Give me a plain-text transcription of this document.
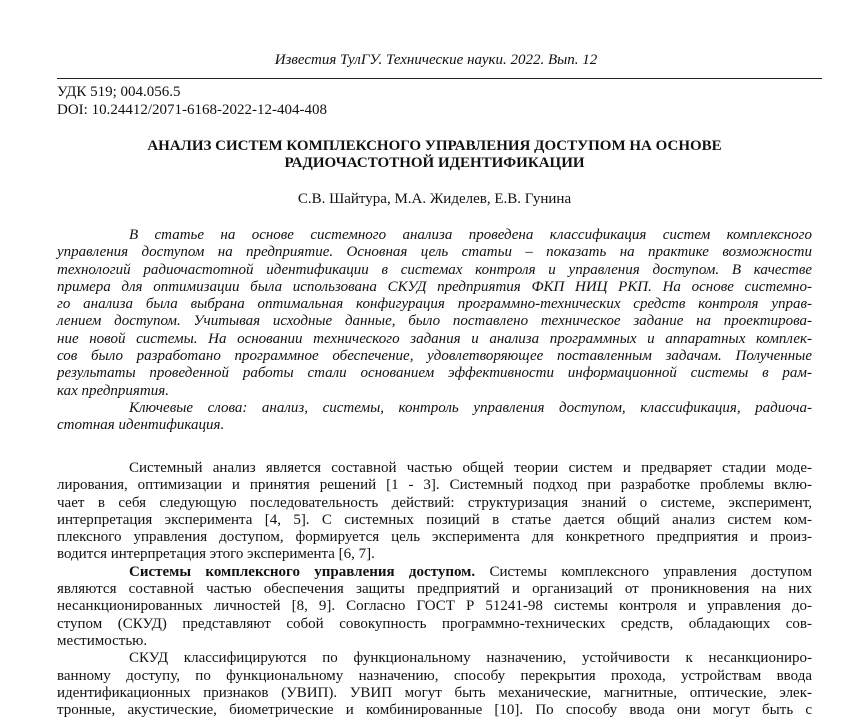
Известия ТулГУ. Технические науки. 2022. Вып. 12
УДК 519; 004.056.5
DOI: 10.24412/2071-6168-2022-12-404-408
АНАЛИЗ СИСТЕМ КОМПЛЕКСНОГО УПРАВЛЕНИЯ ДОСТУПОМ НА ОСНОВЕ
РАДИОЧАСТОТНОЙ ИДЕНТИФИКАЦИИ
С.В. Шайтура, М.А. Жиделев, Е.В. Гунина
В статье на основе системного анализа проведена классификация систем комплексного
управления доступом на предприятие. Основная цель статьи – показать на практике возможности
технологий радиочастотной идентификации в системах контроля и управления доступом. В качестве
примера для оптимизации была использована СКУД предприятия ФКП НИЦ РКП. На основе системно-
го анализа была выбрана оптимальная конфигурация программно-технических средств контроля управ-
лением доступом. Учитывая исходные данные, было поставлено техническое задание на проектирова-
ние новой системы. На основании технического задания и анализа программных и аппаратных комплек-
сов было разработано программное обеспечение, удовлетворяющее поставленным задачам. Полученные
результаты проведенной работы стали основанием эффективности информационной системы в рам-
ках предприятия.
Ключевые слова: анализ, системы, контроль управления доступом, классификация, радиоча-
стотная идентификация.
Системный анализ является составной частью общей теории систем и предваряет стадии моде-
лирования, оптимизации и принятия решений [1 - 3]. Системный подход при разработке проблемы вклю-
чает в себя следующую последовательность действий: структуризация знаний о системе, эксперимент,
интерпретация эксперимента [4, 5]. С системных позиций в статье дается общий анализ систем ком-
плексного управления доступом, формируется цель эксперимента для конкретного предприятия и произ-
водится интерпретация этого эксперимента [6, 7].
Системы комплексного управления доступом. Системы комплексного управления доступом
являются составной частью обеспечения защиты предприятий и организаций от проникновения на них
несанкционированных личностей [8, 9]. Согласно ГОСТ Р 51241-98 системы контроля и управления до-
ступом (СКУД) представляют собой совокупность программно-технических средств, обладающих сов-
местимостью.
СКУД классифицируются по функциональному назначению, устойчивости к несанкциониро-
ванному доступу, по функциональному назначению, способу перекрытия прохода, устройствам ввода
идентификационных признаков (УВИП). УВИП могут быть механические, магнитные, оптические, элек-
тронные, акустические, биометрические и комбинированные [10]. По способу ввода они могут быть с
